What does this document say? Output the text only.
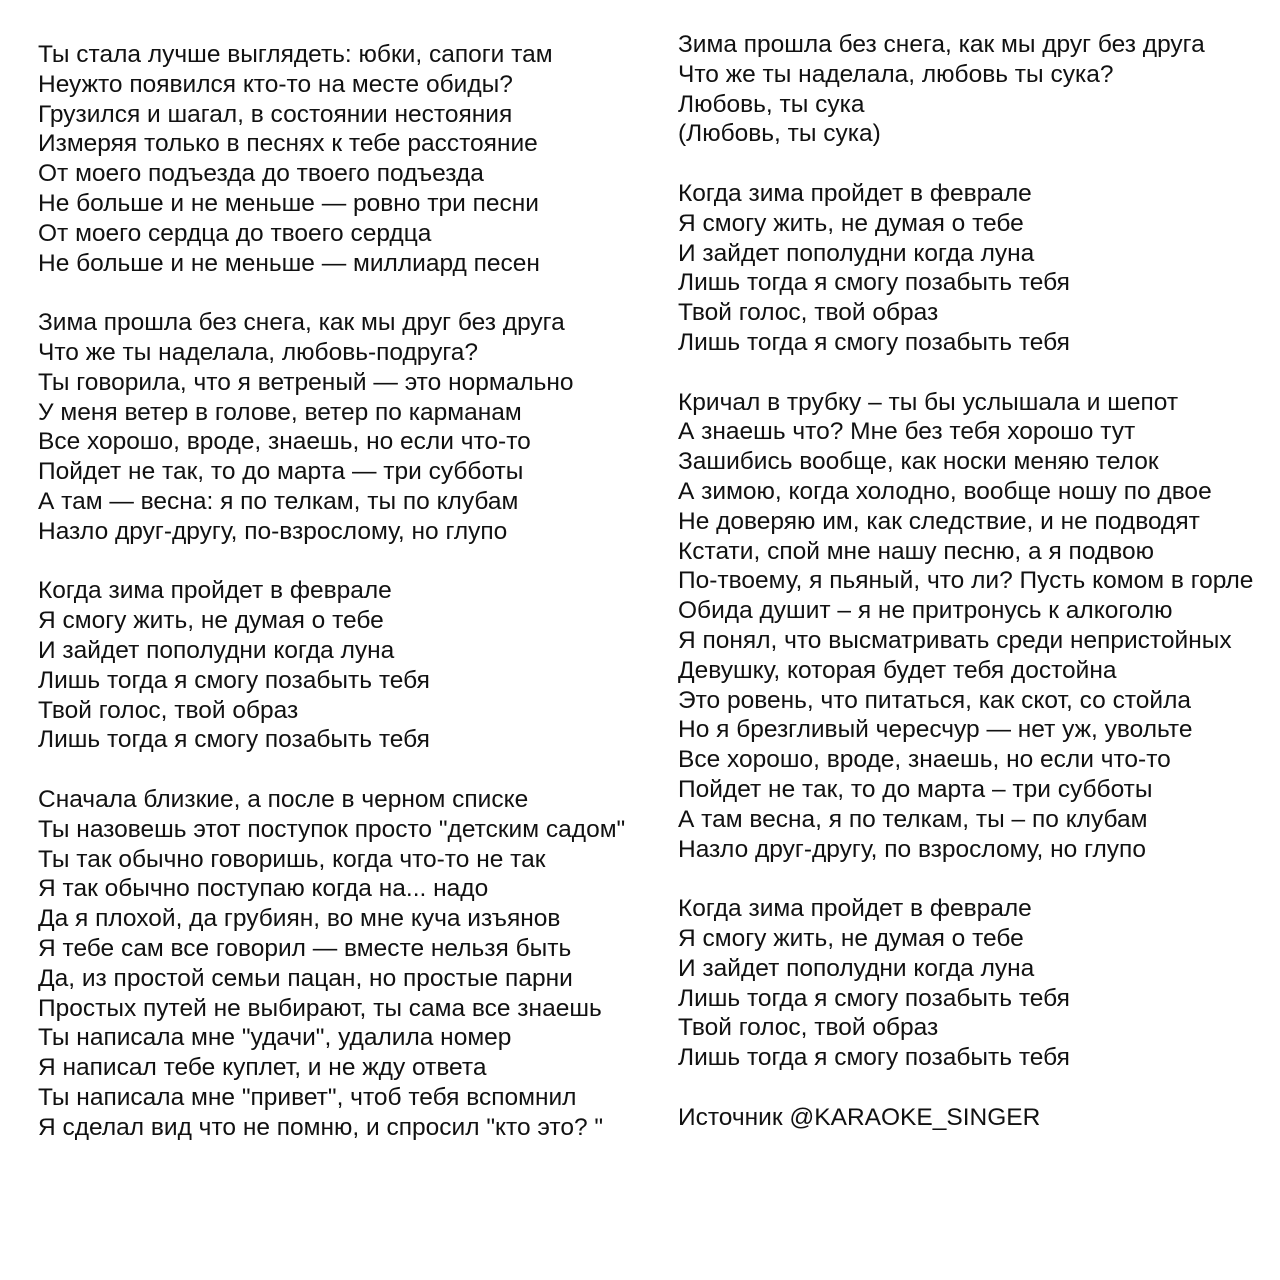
Ты стала лучше выглядеть: юбки, сапоги там
Неужто появился кто-то на месте обиды?
Грузился и шагал, в состоянии нестояния
Измеряя только в песнях к тебе расстояние
От моего подъезда до твоего подъезда
Не больше и не меньше — ровно три песни
От моего сердца до твоего сердца
Не больше и не меньше — миллиард песен
Зима прошла без снега, как мы друг без друга
Что же ты наделала, любовь-подруга?
Ты говорила, что я ветреный — это нормально
У меня ветер в голове, ветер по карманам
Все хорошо, вроде, знаешь, но если что-то
Пойдет не так, то до марта — три субботы
А там — весна: я по телкам, ты по клубам
Назло друг-другу, по-взрослому, но глупо
Когда зима пройдет в феврале
Я смогу жить, не думая о тебе
И зайдет пополудни когда луна
Лишь тогда я смогу позабыть тебя
Твой голос, твой образ
Лишь тогда я смогу позабыть тебя
Сначала близкие, а после в черном списке
Ты назовешь этот поступок просто "детским садом"
Ты так обычно говоришь, когда что-то не так
Я так обычно поступаю когда на... надо
Да я плохой, да грубиян, во мне куча изъянов
Я тебе сам все говорил — вместе нельзя быть
Да, из простой семьи пацан, но простые парни
Простых путей не выбирают, ты сама все знаешь
Ты написала мне "удачи", удалила номер
Я написал тебе куплет, и не жду ответа
Ты написала мне "привет", чтоб тебя вспомнил
Я сделал вид что не помню, и спросил "кто это? "
Зима прошла без снега, как мы друг без друга
Что же ты наделала, любовь ты сука?
Любовь, ты сука
(Любовь, ты сука)
Когда зима пройдет в феврале
Я смогу жить, не думая о тебе
И зайдет пополудни когда луна
Лишь тогда я смогу позабыть тебя
Твой голос, твой образ
Лишь тогда я смогу позабыть тебя
Кричал в трубку – ты бы услышала и шепот
А знаешь что? Мне без тебя хорошо тут
Зашибись вообще, как носки меняю телок
А зимою, когда холодно, вообще ношу по двое
Не доверяю им, как следствие, и не подводят
Кстати, спой мне нашу песню, а я подвою
По-твоему, я пьяный, что ли? Пусть комом в горле
Обида душит – я не притронусь к алкоголю
Я понял, что высматривать среди непристойных
Девушку, которая будет тебя достойна
Это ровень, что питаться, как скот, со стойла
Но я брезгливый чересчур — нет уж, увольте
Все хорошо, вроде, знаешь, но если что-то
Пойдет не так, то до марта – три субботы
А там весна, я по телкам, ты – по клубам
Назло друг-другу, по взрослому, но глупо
Когда зима пройдет в феврале
Я смогу жить, не думая о тебе
И зайдет пополудни когда луна
Лишь тогда я смогу позабыть тебя
Твой голос, твой образ
Лишь тогда я смогу позабыть тебя
Источник @KARAOKE_SINGER
